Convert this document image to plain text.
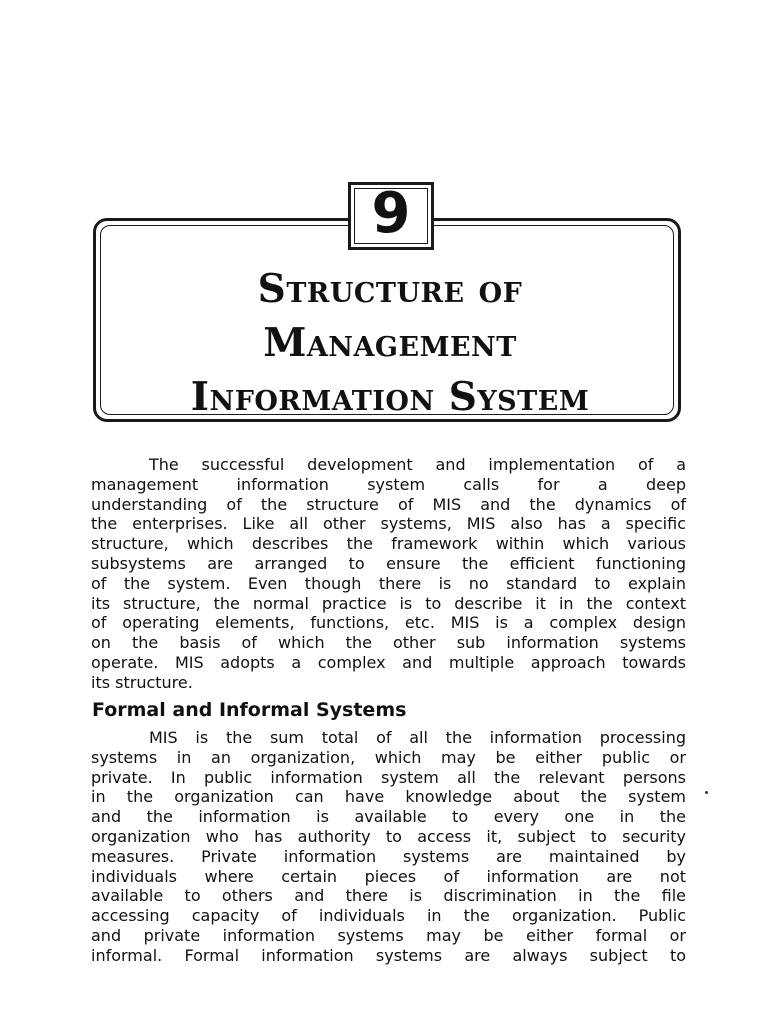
9
Structure of
Management
Information System

The successful development and implementation of a
management information system calls for a deep
understanding of the structure of MIS and the dynamics of
the enterprises. Like all other systems, MIS also has a specific
structure, which describes the framework within which various
subsystems are arranged to ensure the efficient functioning
of the system. Even though there is no standard to explain
its structure, the normal practice is to describe it in the context
of operating elements, functions, etc. MIS is a complex design
on the basis of which the other sub information systems
operate. MIS adopts a complex and multiple approach towards
its structure.

Formal and Informal Systems

MIS is the sum total of all the information processing
systems in an organization, which may be either public or
private. In public information system all the relevant persons
in the organization can have knowledge about the system
and the information is available to every one in the
organization who has authority to access it, subject to security
measures. Private information systems are maintained by
individuals where certain pieces of information are not
available to others and there is discrimination in the file
accessing capacity of individuals in the organization. Public
and private information systems may be either formal or
informal. Formal information systems are always subject to
